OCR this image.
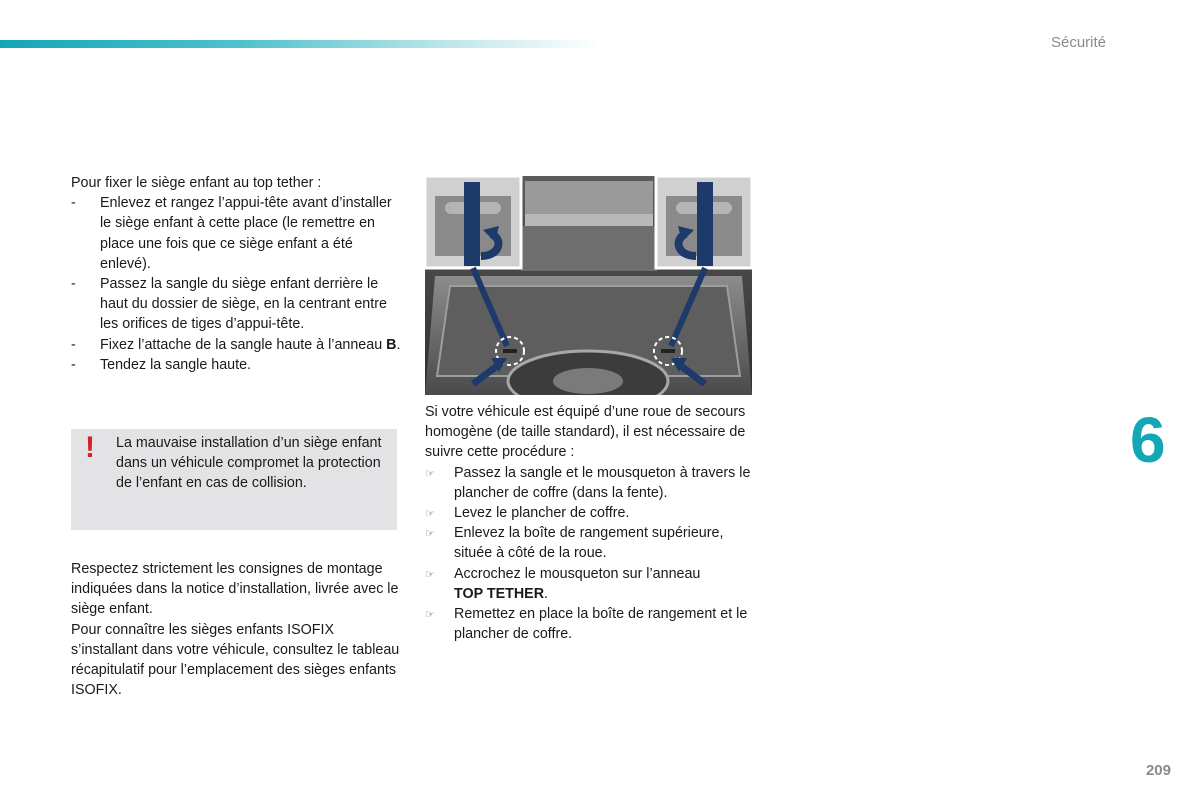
Sécurité
6
209

Pour fixer le siège enfant au top tether :

- Enlevez et rangez l’appui-tête avant d’installer le siège enfant à cette place (le remettre en place une fois que ce siège enfant a été enlevé).
- Passez la sangle du siège enfant derrière le haut du dossier de siège, en la centrant entre les orifices de tiges d’appui-tête.
- Fixez l’attache de la sangle haute à l’anneau B.
- Tendez la sangle haute.
! La mauvaise installation d’un siège enfant dans un véhicule compromet la protection de l’enfant en cas de collision.

Respectez strictement les consignes de montage indiquées dans la notice d’installation, livrée avec le siège enfant.

Pour connaître les sièges enfants ISOFIX s’installant dans votre véhicule, consultez le tableau récapitulatif pour l’emplacement des sièges enfants ISOFIX.

Si votre véhicule est équipé d’une roue de secours homogène (de taille standard), il est nécessaire de suivre cette procédure :

☞ Passez la sangle et le mousqueton à travers le plancher de coffre (dans la fente).
☞ Levez le plancher de coffre.
☞ Enlevez la boîte de rangement supérieure, située à côté de la roue.
☞ Accrochez le mousqueton sur l’anneau
TOP TETHER.
☞ Remettez en place la boîte de rangement et le plancher de coffre.
